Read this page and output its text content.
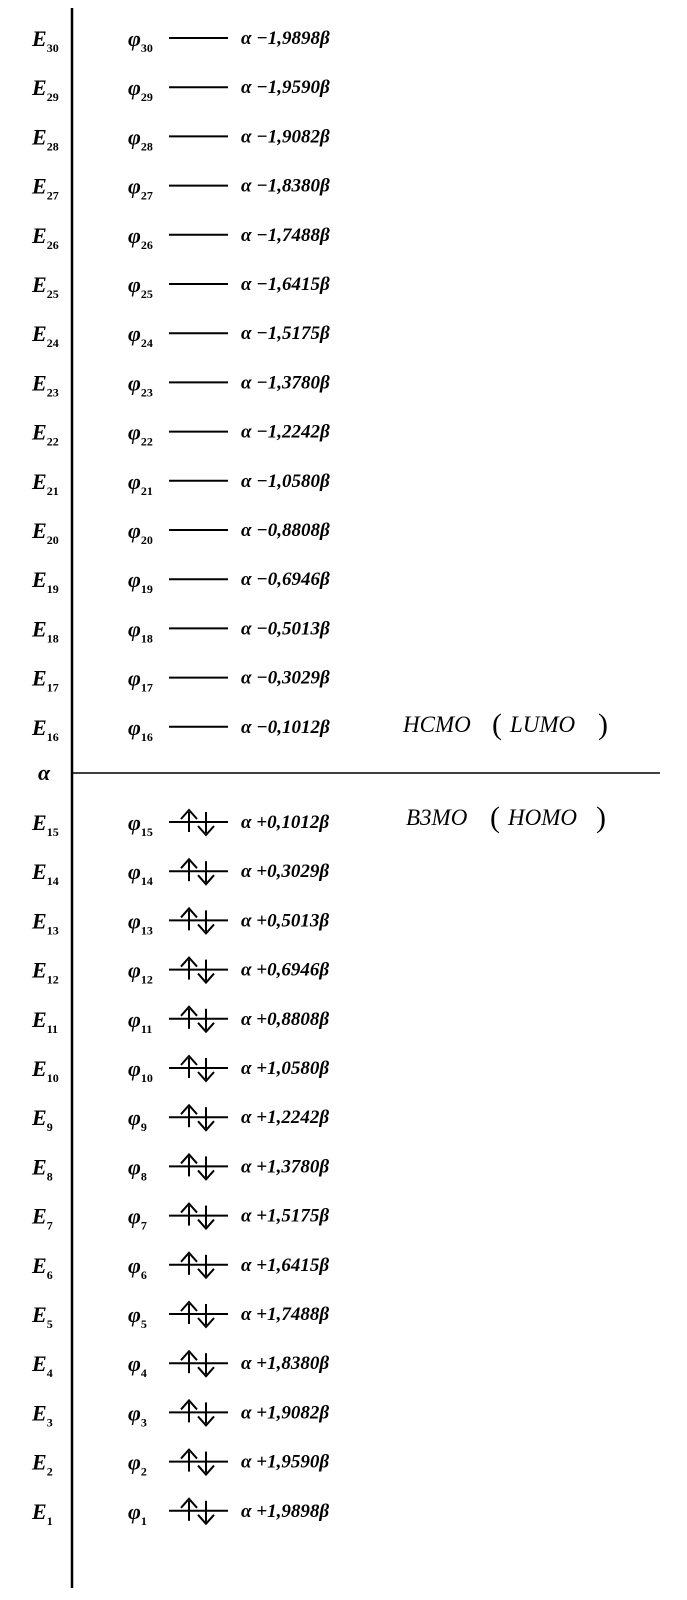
α
HCMO ( LUMO )
B3MO ( HOMO )
$E_{30}$	$\varphi_{30}$	α −1,9898β
$E_{29}$	$\varphi_{29}$	α −1,9590β
$E_{28}$	$\varphi_{28}$	α −1,9082β
$E_{27}$	$\varphi_{27}$	α −1,8380β
$E_{26}$	$\varphi_{26}$	α −1,7488β
$E_{25}$	$\varphi_{25}$	α −1,6415β
$E_{24}$	$\varphi_{24}$	α −1,5175β
$E_{23}$	$\varphi_{23}$	α −1,3780β
$E_{22}$	$\varphi_{22}$	α −1,2242β
$E_{21}$	$\varphi_{21}$	α −1,0580β
$E_{20}$	$\varphi_{20}$	α −0,8808β
$E_{19}$	$\varphi_{19}$	α −0,6946β
$E_{18}$	$\varphi_{18}$	α −0,5013β
$E_{17}$	$\varphi_{17}$	α −0,3029β
$E_{16}$	$\varphi_{16}$	α −0,1012β
$E_{15}$	$\varphi_{15}$	α +0,1012β
$E_{14}$	$\varphi_{14}$	α +0,3029β
$E_{13}$	$\varphi_{13}$	α +0,5013β
$E_{12}$	$\varphi_{12}$	α +0,6946β
$E_{11}$	$\varphi_{11}$	α +0,8808β
$E_{10}$	$\varphi_{10}$	α +1,0580β
$E_9$	$\varphi_9$	α +1,2242β
$E_8$	$\varphi_8$	α +1,3780β
$E_7$	$\varphi_7$	α +1,5175β
$E_6$	$\varphi_6$	α +1,6415β
$E_5$	$\varphi_5$	α +1,7488β
$E_4$	$\varphi_4$	α +1,8380β
$E_3$	$\varphi_3$	α +1,9082β
$E_2$	$\varphi_2$	α +1,9590β
$E_1$	$\varphi_1$	α +1,9898β
